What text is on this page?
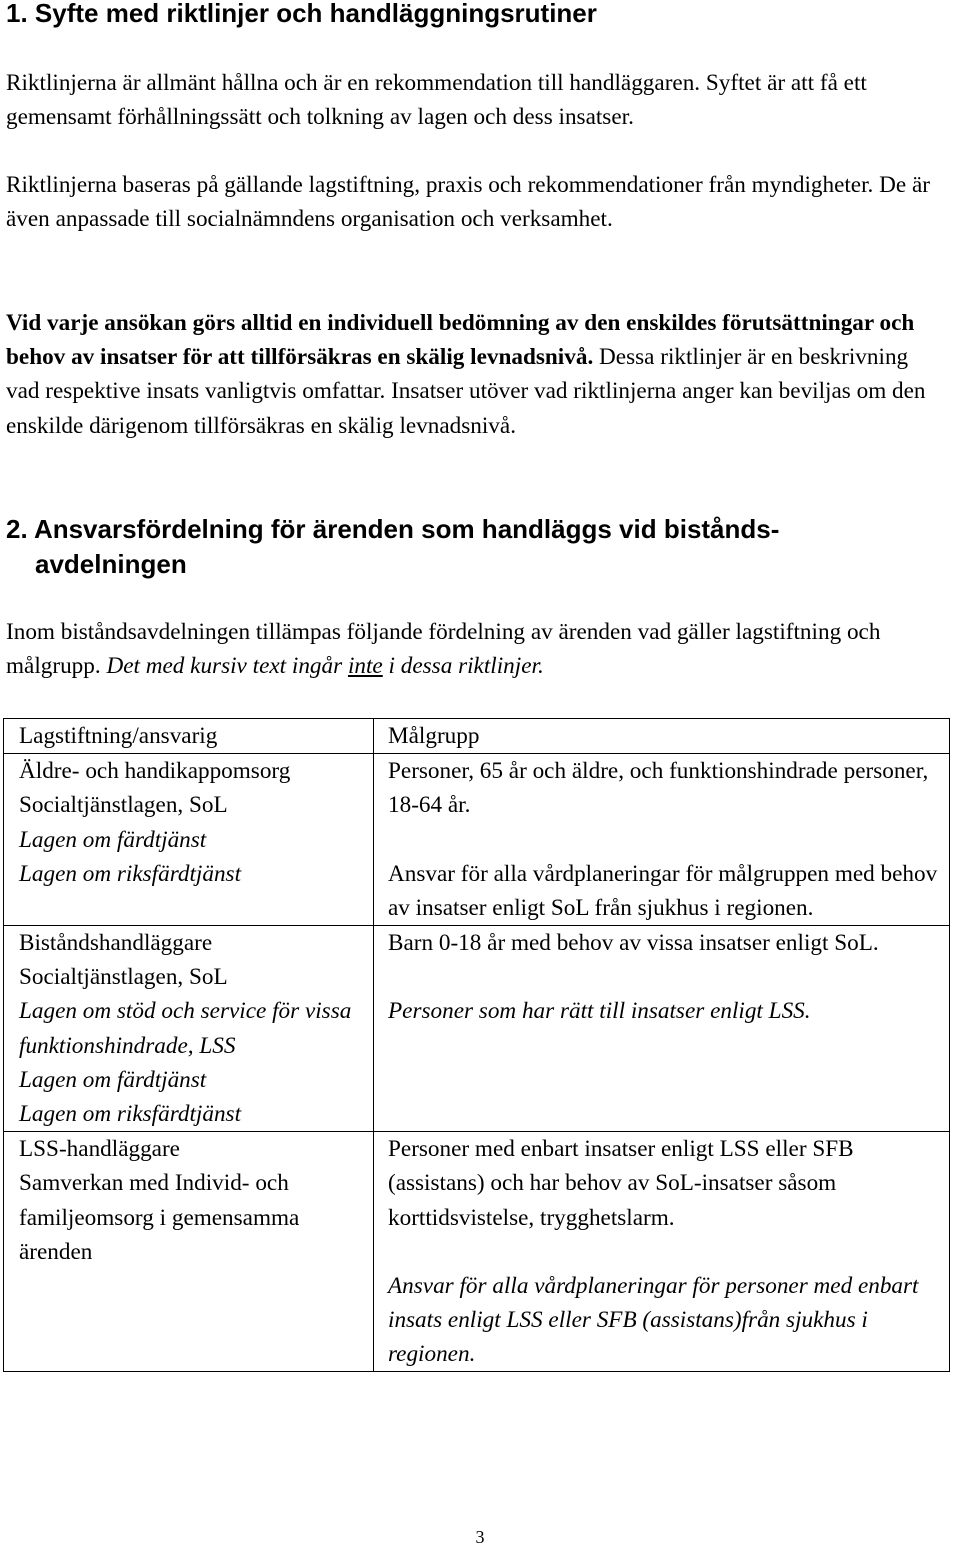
1. Syfte med riktlinjer och handläggningsrutiner

Riktlinjerna är allmänt hållna och är en rekommendation till handläggaren. Syftet är att få ett gemensamt förhållningssätt och tolkning av lagen och dess insatser.

Riktlinjerna baseras på gällande lagstiftning, praxis och rekommendationer från myndigheter. De är även anpassade till socialnämndens organisation och verksamhet.

Vid varje ansökan görs alltid en individuell bedömning av den enskildes förutsättningar och behov av insatser för att tillförsäkras en skälig levnadsnivå. Dessa riktlinjer är en beskrivning vad respektive insats vanligtvis omfattar. Insatser utöver vad riktlinjerna anger kan beviljas om den enskilde därigenom tillförsäkras en skälig levnadsnivå.

2. Ansvarsfördelning för ärenden som handläggs vid bistånds-
avdelningen

Inom biståndsavdelningen tillämpas följande fördelning av ärenden vad gäller lagstiftning och målgrupp. Det med kursiv text ingår inte i dessa riktlinjer.

Lagstiftning/ansvarig	Målgrupp

Äldre- och handikappomsorg
Socialtjänstlagen, SoL
Lagen om färdtjänst
Lagen om riksfärdtjänst	Personer, 65 år och äldre, och funktionshindrade personer, 18-64 år.
Ansvar för alla vårdplaneringar för målgruppen med behov av insatser enligt SoL från sjukhus i regionen.

Biståndshandläggare
Socialtjänstlagen, SoL
Lagen om stöd och service för vissa funktionshindrade, LSS
Lagen om färdtjänst
Lagen om riksfärdtjänst	Barn 0-18 år med behov av vissa insatser enligt SoL.
Personer som har rätt till insatser enligt LSS.

LSS-handläggare
Samverkan med Individ- och familjeomsorg i gemensamma ärenden	Personer med enbart insatser enligt LSS eller SFB (assistans) och har behov av SoL-insatser såsom korttidsvistelse, trygghetslarm.
Ansvar för alla vårdplaneringar för personer med enbart insats enligt LSS eller SFB (assistans)från sjukhus i regionen.
3
